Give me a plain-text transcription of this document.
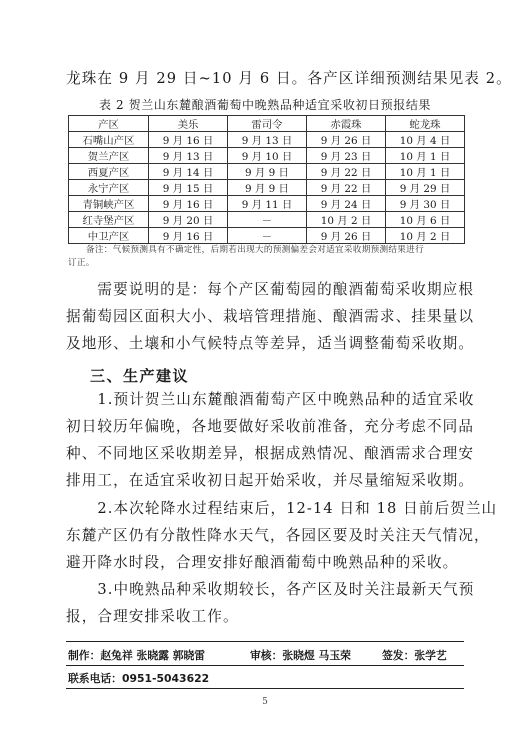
龙珠在 9 月 29 日~10 月 6 日。各产区详细预测结果见表 2。
表 2 贺兰山东麓酿酒葡萄中晚熟品种适宜采收初日预报结果
产区	美乐	雷司令	赤霞珠	蛇龙珠
石嘴山产区	9 月 16 日	9 月 13 日	9 月 26 日	10 月 4 日
贺兰产区	9 月 13 日	9 月 10 日	9 月 23 日	10 月 1 日
西夏产区	9 月 14 日	9 月 9 日	9 月 22 日	10 月 1 日
永宁产区	9 月 15 日	9 月 9 日	9 月 22 日	9 月 29 日
青铜峡产区	9 月 16 日	9 月 11 日	9 月 24 日	9 月 30 日
红寺堡产区	9 月 20 日	－	10 月 2 日	10 月 6 日
中卫产区	9 月 16 日	－	9 月 26 日	10 月 2 日
备注：气候预测具有不确定性，后期若出现大的预测偏差会对适宜采收期预测结果进行
订正。
　　需要说明的是：每个产区葡萄园的酿酒葡萄采收期应根
据葡萄园区面积大小、栽培管理措施、酿酒需求、挂果量以
及地形、土壤和小气候特点等差异，适当调整葡萄采收期。
三、生产建议
　　1.预计贺兰山东麓酿酒葡萄产区中晚熟品种的适宜采收
初日较历年偏晚，各地要做好采收前准备，充分考虑不同品
种、不同地区采收期差异，根据成熟情况、酿酒需求合理安
排用工，在适宜采收初日起开始采收，并尽量缩短采收期。
　　2.本次轮降水过程结束后，12-14 日和 18 日前后贺兰山
东麓产区仍有分散性降水天气，各园区要及时关注天气情况，
避开降水时段，合理安排好酿酒葡萄中晚熟品种的采收。
　　3.中晚熟品种采收期较长，各产区及时关注最新天气预
报，合理安排采收工作。
制作：赵兔祥 张晓露 郭晓雷	审核：张晓煜 马玉荣	签发：张学艺
联系电话：0951-5043622
5
